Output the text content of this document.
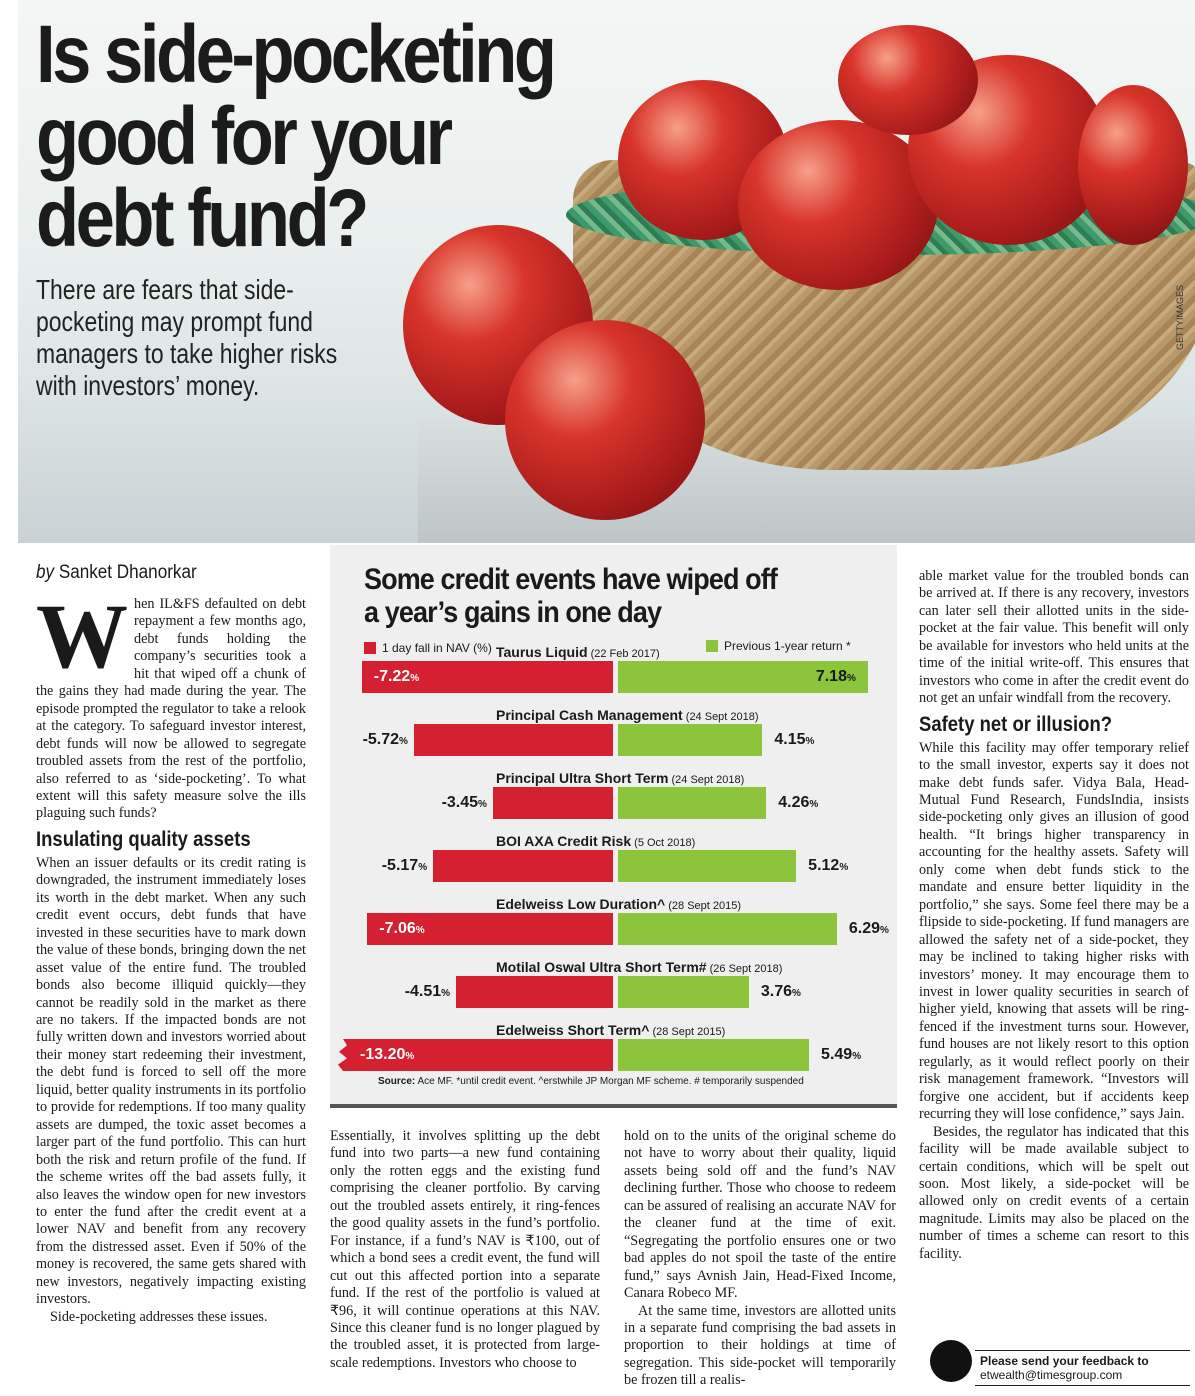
GETTYIMAGES
Is side-pocketing
good for your
debt fund?
There are fears that side-pocketing may prompt fund managers to take higher risks with investors’ money.
by Sanket Dhanorkar
W hen IL&FS defaulted on debt repayment a few months ago, debt funds holding the company’s securities took a hit that wiped off a chunk of the gains they had made during the year. The episode prompted the regulator to take a relook at the category. To safeguard investor interest, debt funds will now be allowed to segregate troubled assets from the rest of the portfolio, also referred to as ‘side-pocketing’. To what extent will this safety measure solve the ills plaguing such funds?

Insulating quality assets

When an issuer defaults or its credit rating is downgraded, the instrument immediately loses its worth in the debt market. When any such credit event occurs, debt funds that have invested in these securities have to mark down the value of these bonds, bringing down the net asset value of the entire fund. The troubled bonds also become illiquid quickly—they cannot be readily sold in the market as there are no takers. If the impacted bonds are not fully written down and investors worried about their money start redeeming their investment, the debt fund is forced to sell off the more liquid, better quality instruments in its portfolio to provide for redemptions. If too many quality assets are dumped, the toxic asset becomes a larger part of the fund portfolio. This can hurt both the risk and return profile of the fund. If the scheme writes off the bad assets fully, it also leaves the window open for new investors to enter the fund after the credit event at a lower NAV and benefit from any recovery from the distressed asset. Even if 50% of the money is recovered, the same gets shared with new investors, negatively impacting existing investors.

Side-pocketing addresses these issues.

Some credit events have wiped off a year’s gains in one day
1 day fall in NAV (%)	Previous 1-year return *
Source: Ace MF. *until credit event. ^erstwhile JP Morgan MF scheme. # temporarily suspended
Taurus Liquid (22 Feb 2017)
-7.22%	7.18%
Principal Cash Management (24 Sept 2018)
-5.72%	4.15%
Principal Ultra Short Term (24 Sept 2018)
-3.45%	4.26%
BOI AXA Credit Risk (5 Oct 2018)
-5.17%	5.12%
Edelweiss Low Duration^ (28 Sept 2015)
-7.06%	6.29%
Motilal Oswal Ultra Short Term# (26 Sept 2018)
-4.51%	3.76%
Edelweiss Short Term^ (28 Sept 2015)
-13.20%	5.49%

Essentially, it involves splitting up the debt fund into two parts—a new fund containing only the rotten eggs and the existing fund comprising the cleaner portfolio. By carving out the troubled assets entirely, it ring-fences the good quality assets in the fund’s portfolio. For instance, if a fund’s NAV is ₹100, out of which a bond sees a credit event, the fund will cut out this affected portion into a separate fund. If the rest of the portfolio is valued at ₹96, it will continue operations at this NAV. Since this cleaner fund is no longer plagued by the troubled asset, it is protected from large-scale redemptions. Investors who choose to

hold on to the units of the original scheme do not have to worry about their quality, liquid assets being sold off and the fund’s NAV declining further. Those who choose to redeem can be assured of realising an accurate NAV for the cleaner fund at the time of exit. “Segregating the portfolio ensures one or two bad apples do not spoil the taste of the entire fund,” says Avnish Jain, Head-Fixed Income, Canara Robeco MF.

At the same time, investors are allotted units in a separate fund comprising the bad assets in proportion to their holdings at time of segregation. This side-pocket will temporarily be frozen till a realis-

able market value for the troubled bonds can be arrived at. If there is any recovery, investors can later sell their allotted units in the side-pocket at the fair value. This benefit will only be available for investors who held units at the time of the initial write-off. This ensures that investors who come in after the credit event do not get an unfair windfall from the recovery.

Safety net or illusion?

While this facility may offer temporary relief to the small investor, experts say it does not make debt funds safer. Vidya Bala, Head-Mutual Fund Research, FundsIndia, insists side-pocketing only gives an illusion of good health. “It brings higher transparency in accounting for the healthy assets. Safety will only come when debt funds stick to the mandate and ensure better liquidity in the portfolio,” she says. Some feel there may be a flipside to side-pocketing. If fund managers are allowed the safety net of a side-pocket, they may be inclined to taking higher risks with investors’ money. It may encourage them to invest in lower quality securities in search of higher yield, knowing that assets will be ring-fenced if the investment turns sour. However, fund houses are not likely resort to this option regularly, as it would reflect poorly on their risk management framework. “Investors will forgive one accident, but if accidents keep recurring they will lose confidence,” says Jain.

Besides, the regulator has indicated that this facility will be made available subject to certain conditions, which will be spelt out soon. Most likely, a side-pocket will be allowed only on credit events of a certain magnitude. Limits may also be placed on the number of times a scheme can resort to this facility.

Please send your feedback to
etwealth@timesgroup.com
